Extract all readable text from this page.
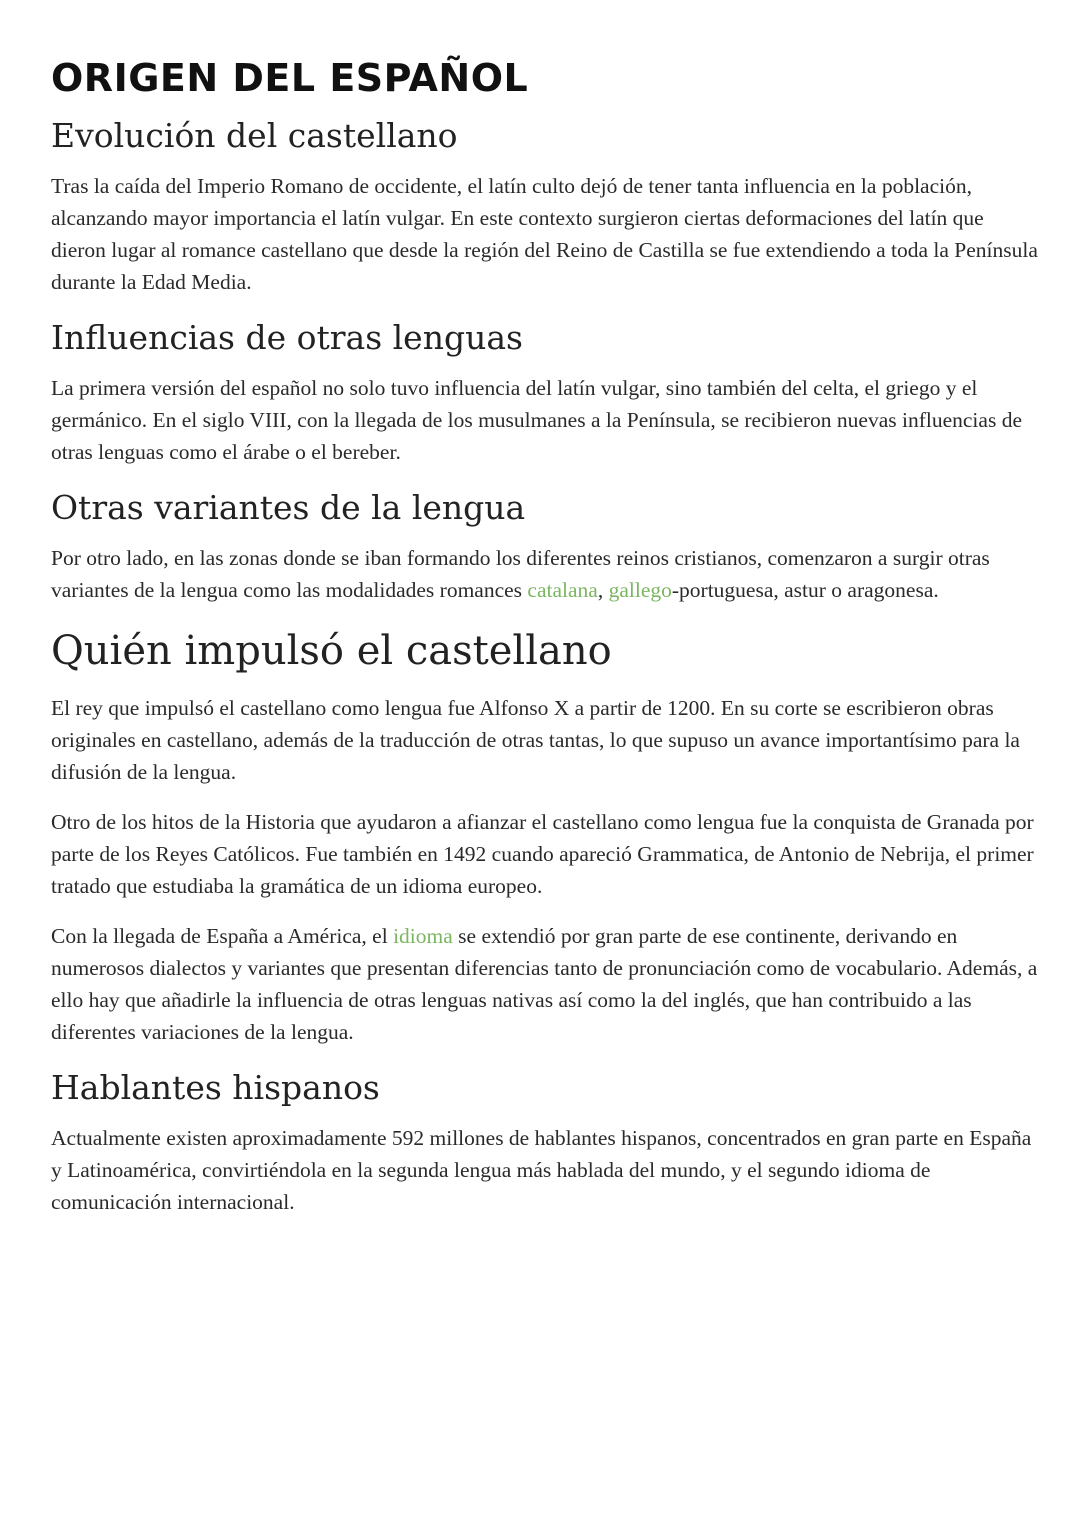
ORIGEN DEL ESPAÑOL
Evolución del castellano

Tras la caída del Imperio Romano de occidente, el latín culto dejó de tener tanta influencia en la población, alcanzando mayor importancia el latín vulgar. En este contexto surgieron ciertas deformaciones del latín que dieron lugar al romance castellano que desde la región del Reino de Castilla se fue extendiendo a toda la Península durante la Edad Media.

Influencias de otras lenguas

La primera versión del español no solo tuvo influencia del latín vulgar, sino también del celta, el griego y el germánico. En el siglo VIII, con la llegada de los musulmanes a la Península, se recibieron nuevas influencias de otras lenguas como el árabe o el bereber.

Otras variantes de la lengua

Por otro lado, en las zonas donde se iban formando los diferentes reinos cristianos, comenzaron a surgir otras variantes de la lengua como las modalidades romances catalana, gallego-portuguesa, astur o aragonesa.

Quién impulsó el castellano

El rey que impulsó el castellano como lengua fue Alfonso X a partir de 1200. En su corte se escribieron obras originales en castellano, además de la traducción de otras tantas, lo que supuso un avance importantísimo para la difusión de la lengua.

Otro de los hitos de la Historia que ayudaron a afianzar el castellano como lengua fue la conquista de Granada por parte de los Reyes Católicos. Fue también en 1492 cuando apareció Grammatica, de Antonio de Nebrija, el primer tratado que estudiaba la gramática de un idioma europeo.

Con la llegada de España a América, el idioma se extendió por gran parte de ese continente, derivando en numerosos dialectos y variantes que presentan diferencias tanto de pronunciación como de vocabulario. Además, a ello hay que añadirle la influencia de otras lenguas nativas así como la del inglés, que han contribuido a las diferentes variaciones de la lengua.

Hablantes hispanos

Actualmente existen aproximadamente 592 millones de hablantes hispanos, concentrados en gran parte en España y Latinoamérica, convirtiéndola en la segunda lengua más hablada del mundo, y el segundo idioma de comunicación internacional.
